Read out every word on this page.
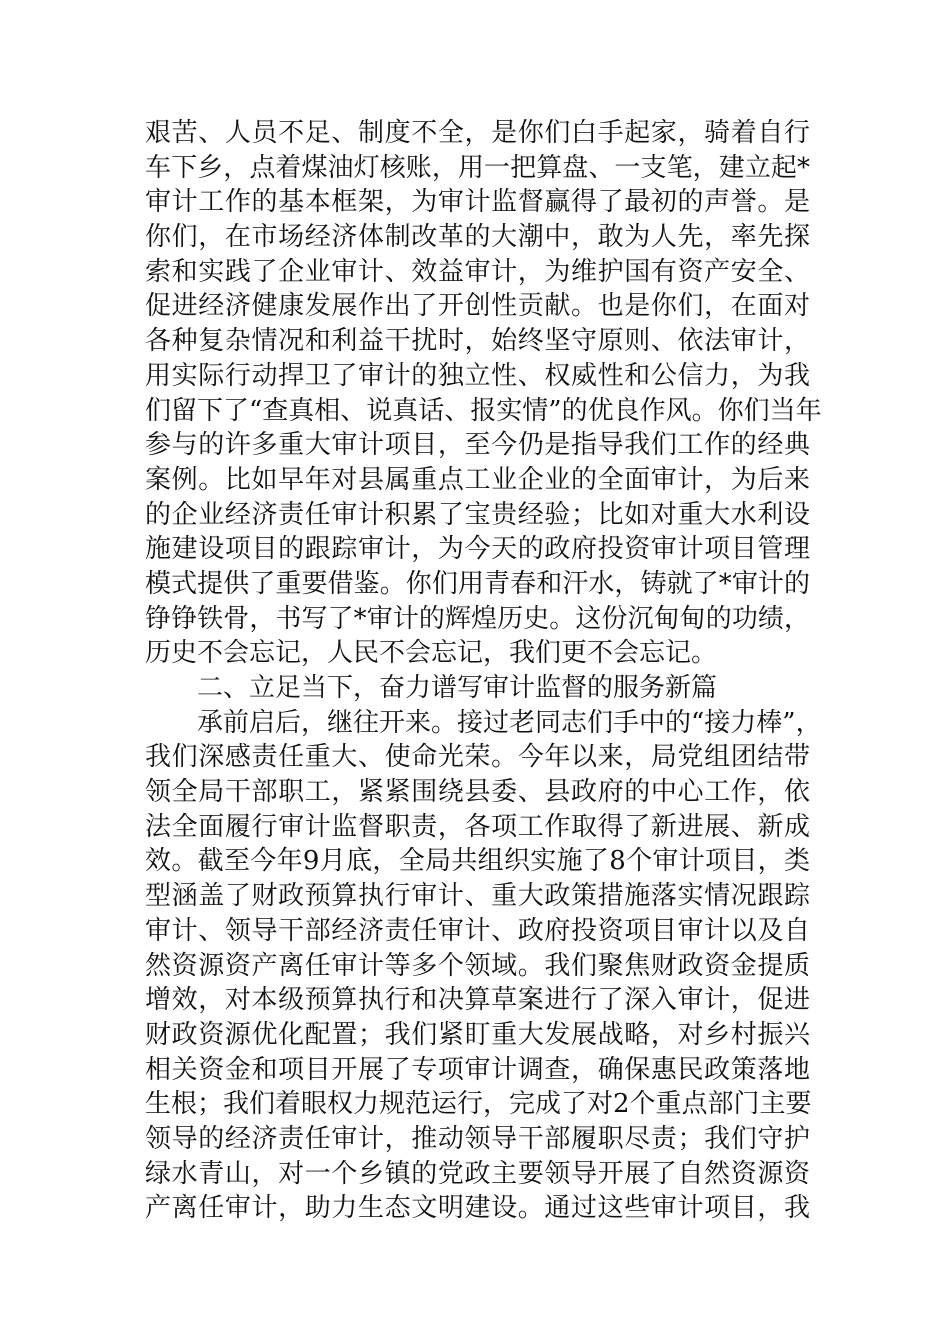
艰苦、人员不足、制度不全，是你们白手起家，骑着自行
车下乡，点着煤油灯核账，用一把算盘、一支笔，建立起*
审计工作的基本框架，为审计监督赢得了最初的声誉。是
你们，在市场经济体制改革的大潮中，敢为人先，率先探
索和实践了企业审计、效益审计，为维护国有资产安全、
促进经济健康发展作出了开创性贡献。也是你们，在面对
各种复杂情况和利益干扰时，始终坚守原则、依法审计，
用实际行动捍卫了审计的独立性、权威性和公信力，为我
们留下了“查真相、说真话、报实情”的优良作风。你们当年
参与的许多重大审计项目，至今仍是指导我们工作的经典
案例。比如早年对县属重点工业企业的全面审计，为后来
的企业经济责任审计积累了宝贵经验；比如对重大水利设
施建设项目的跟踪审计，为今天的政府投资审计项目管理
模式提供了重要借鉴。你们用青春和汗水，铸就了*审计的
铮铮铁骨，书写了*审计的辉煌历史。这份沉甸甸的功绩，
历史不会忘记，人民不会忘记，我们更不会忘记。
二、立足当下，奋力谱写审计监督的服务新篇
承前启后，继往开来。接过老同志们手中的“接力棒”，
我们深感责任重大、使命光荣。今年以来，局党组团结带
领全局干部职工，紧紧围绕县委、县政府的中心工作，依
法全面履行审计监督职责，各项工作取得了新进展、新成
效。截至今年9月底，全局共组织实施了8个审计项目，类
型涵盖了财政预算执行审计、重大政策措施落实情况跟踪
审计、领导干部经济责任审计、政府投资项目审计以及自
然资源资产离任审计等多个领域。我们聚焦财政资金提质
增效，对本级预算执行和决算草案进行了深入审计，促进
财政资源优化配置；我们紧盯重大发展战略，对乡村振兴
相关资金和项目开展了专项审计调查，确保惠民政策落地
生根；我们着眼权力规范运行，完成了对2个重点部门主要
领导的经济责任审计，推动领导干部履职尽责；我们守护
绿水青山，对一个乡镇的党政主要领导开展了自然资源资
产离任审计，助力生态文明建设。通过这些审计项目，我
